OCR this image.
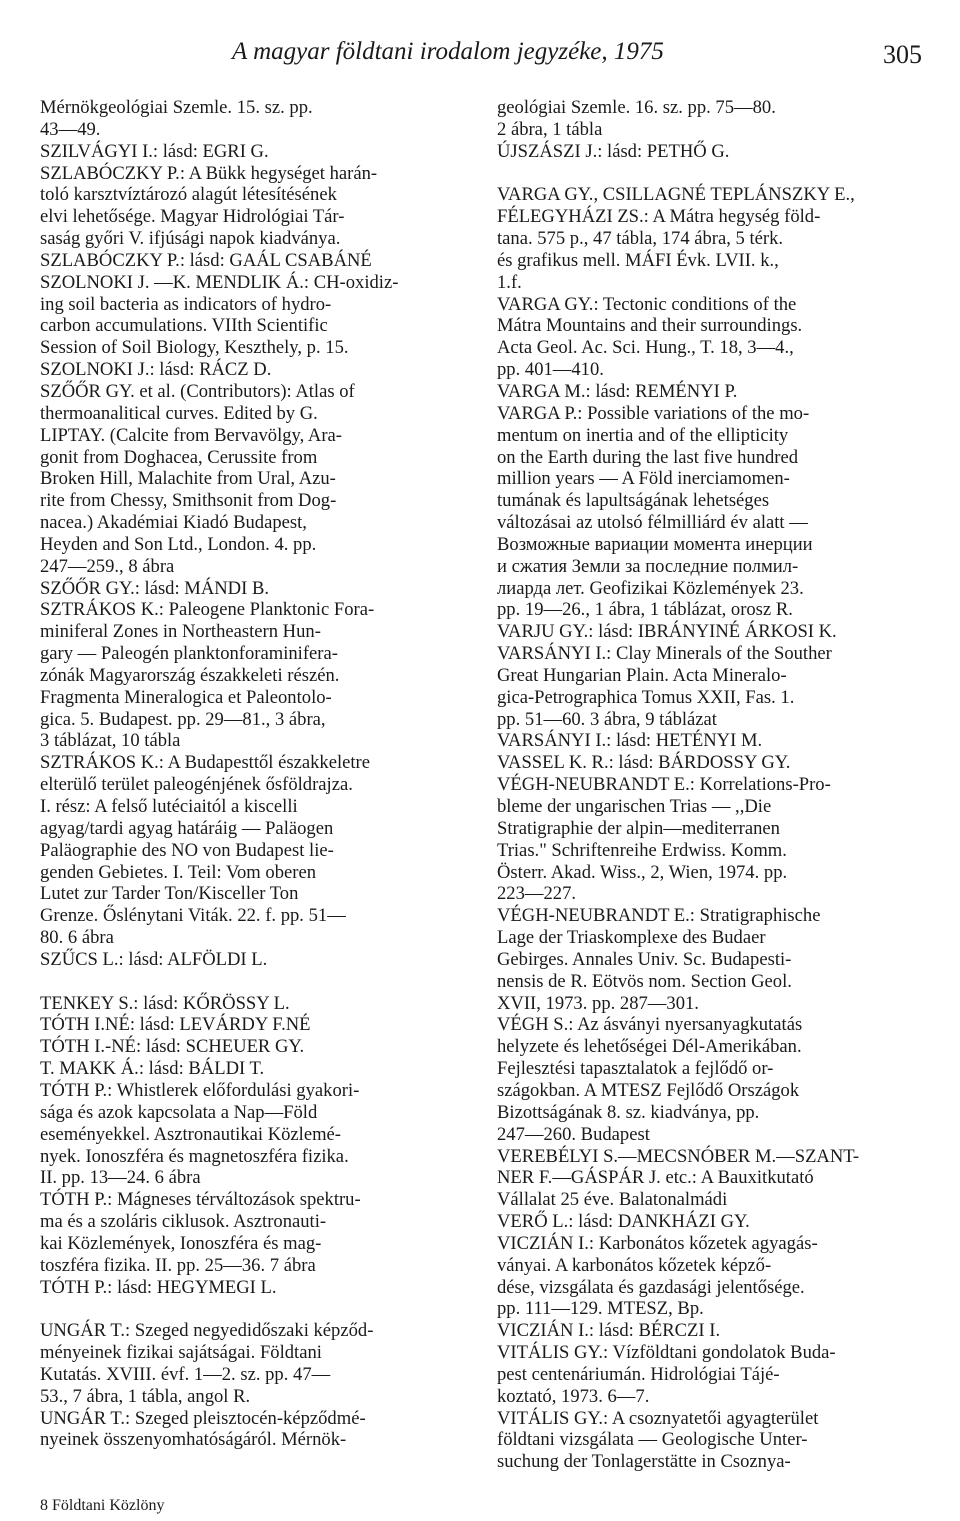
A magyar földtani irodalom jegyzéke, 1975	305
Mérnökgeológiai Szemle. 15. sz. pp.
43—49.
SZILVÁGYI I.: lásd: EGRI G.
SZLABÓCZKY P.: A Bükk hegységet harán-
toló karsztvíztározó alagút létesítésének
elvi lehetősége. Magyar Hidrológiai Tár-
saság győri V. ifjúsági napok kiadványa.
SZLABÓCZKY P.: lásd: GAÁL CSABÁNÉ
SZOLNOKI J. —K. MENDLIK Á.: CH-oxidiz-
ing soil bacteria as indicators of hydro-
carbon accumulations. VIIth Scientific
Session of Soil Biology, Keszthely, p. 15.
SZOLNOKI J.: lásd: RÁCZ D.
SZŐŐR GY. et al. (Contributors): Atlas of
thermoanalitical curves. Edited by G.
LIPTAY. (Calcite from Bervavölgy, Ara-
gonit from Doghacea, Cerussite from
Broken Hill, Malachite from Ural, Azu-
rite from Chessy, Smithsonit from Dog-
nacea.) Akadémiai Kiadó Budapest,
Heyden and Son Ltd., London. 4. pp.
247—259., 8 ábra
SZŐŐR GY.: lásd: MÁNDI B.
SZTRÁKOS K.: Paleogene Planktonic Fora-
miniferal Zones in Northeastern Hun-
gary — Paleogén planktonforaminifera-
zónák Magyarország északkeleti részén.
Fragmenta Mineralogica et Paleontolo-
gica. 5. Budapest. pp. 29—81., 3 ábra,
3 táblázat, 10 tábla
SZTRÁKOS K.: A Budapesttől északkeletre
elterülő terület paleogénjének ősföldrajza.
I. rész: A felső lutéciaitól a kiscelli
agyag/tardi agyag határáig — Paläogen
Paläographie des NO von Budapest lie-
genden Gebietes. I. Teil: Vom oberen
Lutet zur Tarder Ton/Kisceller Ton
Grenze. Őslénytani Viták. 22. f. pp. 51—
80. 6 ábra
SZŰCS L.: lásd: ALFÖLDI L.
TENKEY S.: lásd: KŐRÖSSY L.
TÓTH I.NÉ: lásd: LEVÁRDY F.NÉ
TÓTH I.-NÉ: lásd: SCHEUER GY.
T. MAKK Á.: lásd: BÁLDI T.
TÓTH P.: Whistlerek előfordulási gyakori-
sága és azok kapcsolata a Nap—Föld
eseményekkel. Asztronautikai Közlemé-
nyek. Ionoszféra és magnetoszféra fizika.
II. pp. 13—24. 6 ábra
TÓTH P.: Mágneses térváltozások spektru-
ma és a szoláris ciklusok. Asztronauti-
kai Közlemények, Ionoszféra és mag-
toszféra fizika. II. pp. 25—36. 7 ábra
TÓTH P.: lásd: HEGYMEGI L.
UNGÁR T.: Szeged negyedidőszaki képződ-
ményeinek fizikai sajátságai. Földtani
Kutatás. XVIII. évf. 1—2. sz. pp. 47—
53., 7 ábra, 1 tábla, angol R.
UNGÁR T.: Szeged pleisztocén-képződmé-
nyeinek összenyomhatóságáról. Mérnök-
geológiai Szemle. 16. sz. pp. 75—80.
2 ábra, 1 tábla
ÚJSZÁSZI J.: lásd: PETHŐ G.
VARGA GY., CSILLAGNÉ TEPLÁNSZKY E.,
FÉLEGYHÁZI ZS.: A Mátra hegység föld-
tana. 575 p., 47 tábla, 174 ábra, 5 térk.
és grafikus mell. MÁFI Évk. LVII. k.,
1.f.
VARGA GY.: Tectonic conditions of the
Mátra Mountains and their surroundings.
Acta Geol. Ac. Sci. Hung., T. 18, 3—4.,
pp. 401—410.
VARGA M.: lásd: REMÉNYI P.
VARGA P.: Possible variations of the mo-
mentum on inertia and of the ellipticity
on the Earth during the last five hundred
million years — A Föld inerciamomen-
tumának és lapultságának lehetséges
változásai az utolsó félmilliárd év alatt —
Возможные вариации момента инерции
и сжатия Земли за последние полмил-
лиарда лет. Geofizikai Közlemények 23.
pp. 19—26., 1 ábra, 1 táblázat, orosz R.
VARJU GY.: lásd: IBRÁNYINÉ ÁRKOSI K.
VARSÁNYI I.: Clay Minerals of the Souther
Great Hungarian Plain. Acta Mineralo-
gica-Petrographica Tomus XXII, Fas. 1.
pp. 51—60. 3 ábra, 9 táblázat
VARSÁNYI I.: lásd: HETÉNYI M.
VASSEL K. R.: lásd: BÁRDOSSY GY.
VÉGH-NEUBRANDT E.: Korrelations-Pro-
bleme der ungarischen Trias — ,,Die
Stratigraphie der alpin—mediterranen
Trias." Schriftenreihe Erdwiss. Komm.
Österr. Akad. Wiss., 2, Wien, 1974. pp.
223—227.
VÉGH-NEUBRANDT E.: Stratigraphische
Lage der Triaskomplexe des Budaer
Gebirges. Annales Univ. Sc. Budapesti-
nensis de R. Eötvös nom. Section Geol.
XVII, 1973. pp. 287—301.
VÉGH S.: Az ásványi nyersanyagkutatás
helyzete és lehetőségei Dél-Amerikában.
Fejlesztési tapasztalatok a fejlődő or-
szágokban. A MTESZ Fejlődő Országok
Bizottságának 8. sz. kiadványa, pp.
247—260. Budapest
VEREBÉLYI S.—MECSNÓBER M.—SZANT-
NER F.—GÁSPÁR J. etc.: A Bauxitkutató
Vállalat 25 éve. Balatonalmádi
VERŐ L.: lásd: DANKHÁZI GY.
VICZIÁN I.: Karbonátos kőzetek agyagás-
ványai. A karbonátos kőzetek képző-
dése, vizsgálata és gazdasági jelentősége.
pp. 111—129. MTESZ, Bp.
VICZIÁN I.: lásd: BÉRCZI I.
VITÁLIS GY.: Vízföldtani gondolatok Buda-
pest centenáriumán. Hidrológiai Tájé-
koztató, 1973. 6—7.
VITÁLIS GY.: A csoznyatetői agyagterület
földtani vizsgálata — Geologische Unter-
suchung der Tonlagerstätte in Csoznya-
8 Földtani Közlöny
